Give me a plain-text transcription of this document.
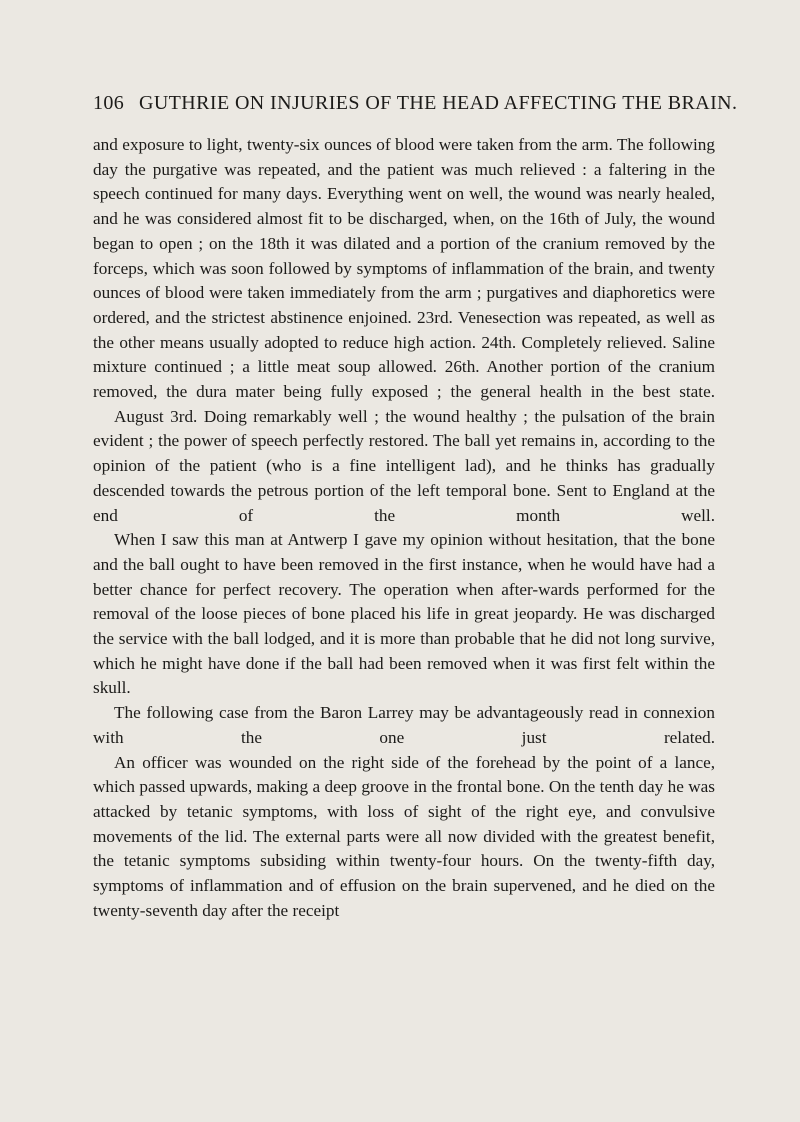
106 GUTHRIE ON INJURIES OF THE HEAD AFFECTING THE BRAIN.

and exposure to light, twenty-six ounces of blood were taken from the arm. The following day the purgative was repeated, and the patient was much relieved : a faltering in the speech continued for many days. Everything went on well, the wound was nearly healed, and he was considered almost fit to be discharged, when, on the 16th of July, the wound began to open ; on the 18th it was dilated and a portion of the cranium removed by the forceps, which was soon followed by symptoms of inflammation of the brain, and twenty ounces of blood were taken immediately from the arm ; purgatives and diaphoretics were ordered, and the strictest abstinence enjoined. 23rd. Venesection was repeated, as well as the other means usually adopted to reduce high action. 24th. Completely relieved. Saline mixture continued ; a little meat soup allowed. 26th. Another portion of the cranium removed, the dura mater being fully exposed ; the general health in the best state.

August 3rd. Doing remarkably well ; the wound healthy ; the pulsation of the brain evident ; the power of speech perfectly restored. The ball yet remains in, according to the opinion of the patient (who is a fine intelligent lad), and he thinks has gradually descended towards the petrous portion of the left temporal bone. Sent to England at the end of the month well.

When I saw this man at Antwerp I gave my opinion without hesitation, that the bone and the ball ought to have been removed in the first instance, when he would have had a better chance for perfect recovery. The operation when after-wards performed for the removal of the loose pieces of bone placed his life in great jeopardy. He was discharged the service with the ball lodged, and it is more than probable that he did not long survive, which he might have done if the ball had been removed when it was first felt within the skull.

The following case from the Baron Larrey may be advantageously read in connexion with the one just related.

An officer was wounded on the right side of the forehead by the point of a lance, which passed upwards, making a deep groove in the frontal bone. On the tenth day he was attacked by tetanic symptoms, with loss of sight of the right eye, and convulsive movements of the lid. The external parts were all now divided with the greatest benefit, the tetanic symptoms subsiding within twenty-four hours. On the twenty-fifth day, symptoms of inflammation and of effusion on the brain supervened, and he died on the twenty-seventh day after the receipt
